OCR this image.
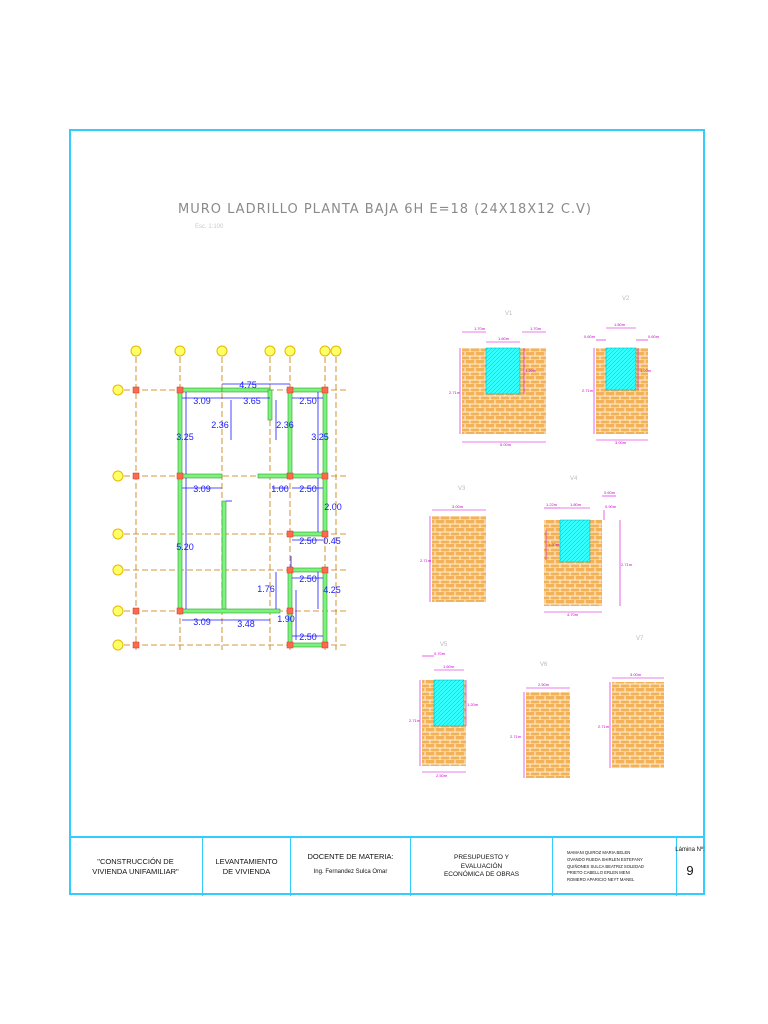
MURO LADRILLO PLANTA BAJA 6H E=18 (24X18X12 C.V)
Esc. 1:100
4.75
3.09	3.65	2.50
3.25
2.36	2.36
3.25
3.09	1.00 2.50
2.00
5.20
2.50 0.45
2.50
1.76	4.25
3.09	3.48 1.90
2.50
V1
1.70m
1.60m
1.70m
1.20m
2.71m
5.00m
V2
0.60m
1.80m
0.60m
1.20m
2.71m
3.00m
V3
3.00m
2.71m
V4
1.22m	1.80m
0.60m
0.90m
1.20m
2.71m
4.70m
V5
0.70m
1.60m
1.20m
2.71m
2.50m
V6
2.50m
2.71m
V7
3.00m
2.71m
"CONSTRUCCIÓN DE VIVIENDA UNIFAMILIAR"
LEVANTAMIENTO DE VIVIENDA
DOCENTE DE MATERIA:
Ing. Fernandez Sulca Omar
PRESUPUESTO Y EVALUACIÓN ECONÓMICA DE OBRAS
MAMANI QUIROZ MARIA BELEN
OVANDO RUEDA SHIRLEN ESTEFANY
QUIÑONES SULCA BEATRIZ SOLEDAD
PRIETO CABELLO ERLEN MENI
ROMERO APARICIO NEYT MANEL
Lámina Nº:
9
